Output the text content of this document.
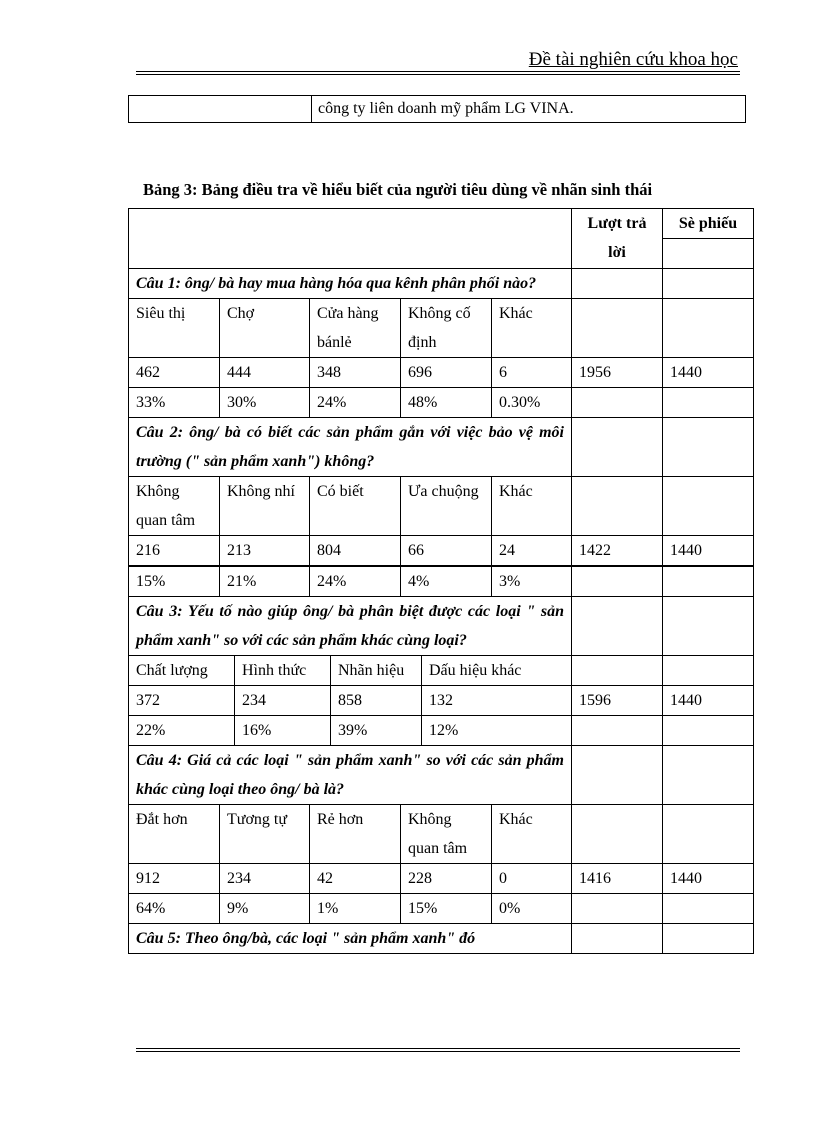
Đề tài nghiên cứu khoa học
	công ty liên doanh mỹ phẩm LG VINA.
Bảng 3: Bảng điều tra về hiểu biết của người tiêu dùng về nhãn sinh thái
								Lượt trả lời	Sè phiếu

Câu 1: ông/ bà hay mua hàng hóa qua kênh phân phối nào?									
Siêu thị	Chợ		Cửa hàng bánlẻ		Không cố định		Khác		
462	444		348		696		6	1956	1440
33%	30%		24%		48%		0.30%		
Câu 2: ông/ bà có biết các sản phẩm gắn với việc bảo vệ môi trường (" sản phẩm xanh") không?									
Không quan tâm	Không nhí		Có biết		Ưa chuộng		Khác		
216	213		804		66		24	1422	1440
15%	21%		24%		4%		3%		
Câu 3: Yếu tố nào giúp ông/ bà phân biệt được các loại " sản phẩm xanh" so với các sản phẩm khác cùng loại?									
Chất lượng		Hình thức		Nhãn hiệu		Dấu hiệu khác			
372		234		858		132		1596	1440
22%		16%		39%		12%			
Câu 4: Giá cả các loại " sản phẩm xanh" so với các sản phẩm khác cùng loại theo ông/ bà là?									
Đắt hơn	Tương tự		Rẻ hơn		Không quan tâm		Khác		
912	234		42		228		0	1416	1440
64%	9%		1%		15%		0%		
Câu 5: Theo ông/bà, các loại " sản phẩm xanh" đó									
